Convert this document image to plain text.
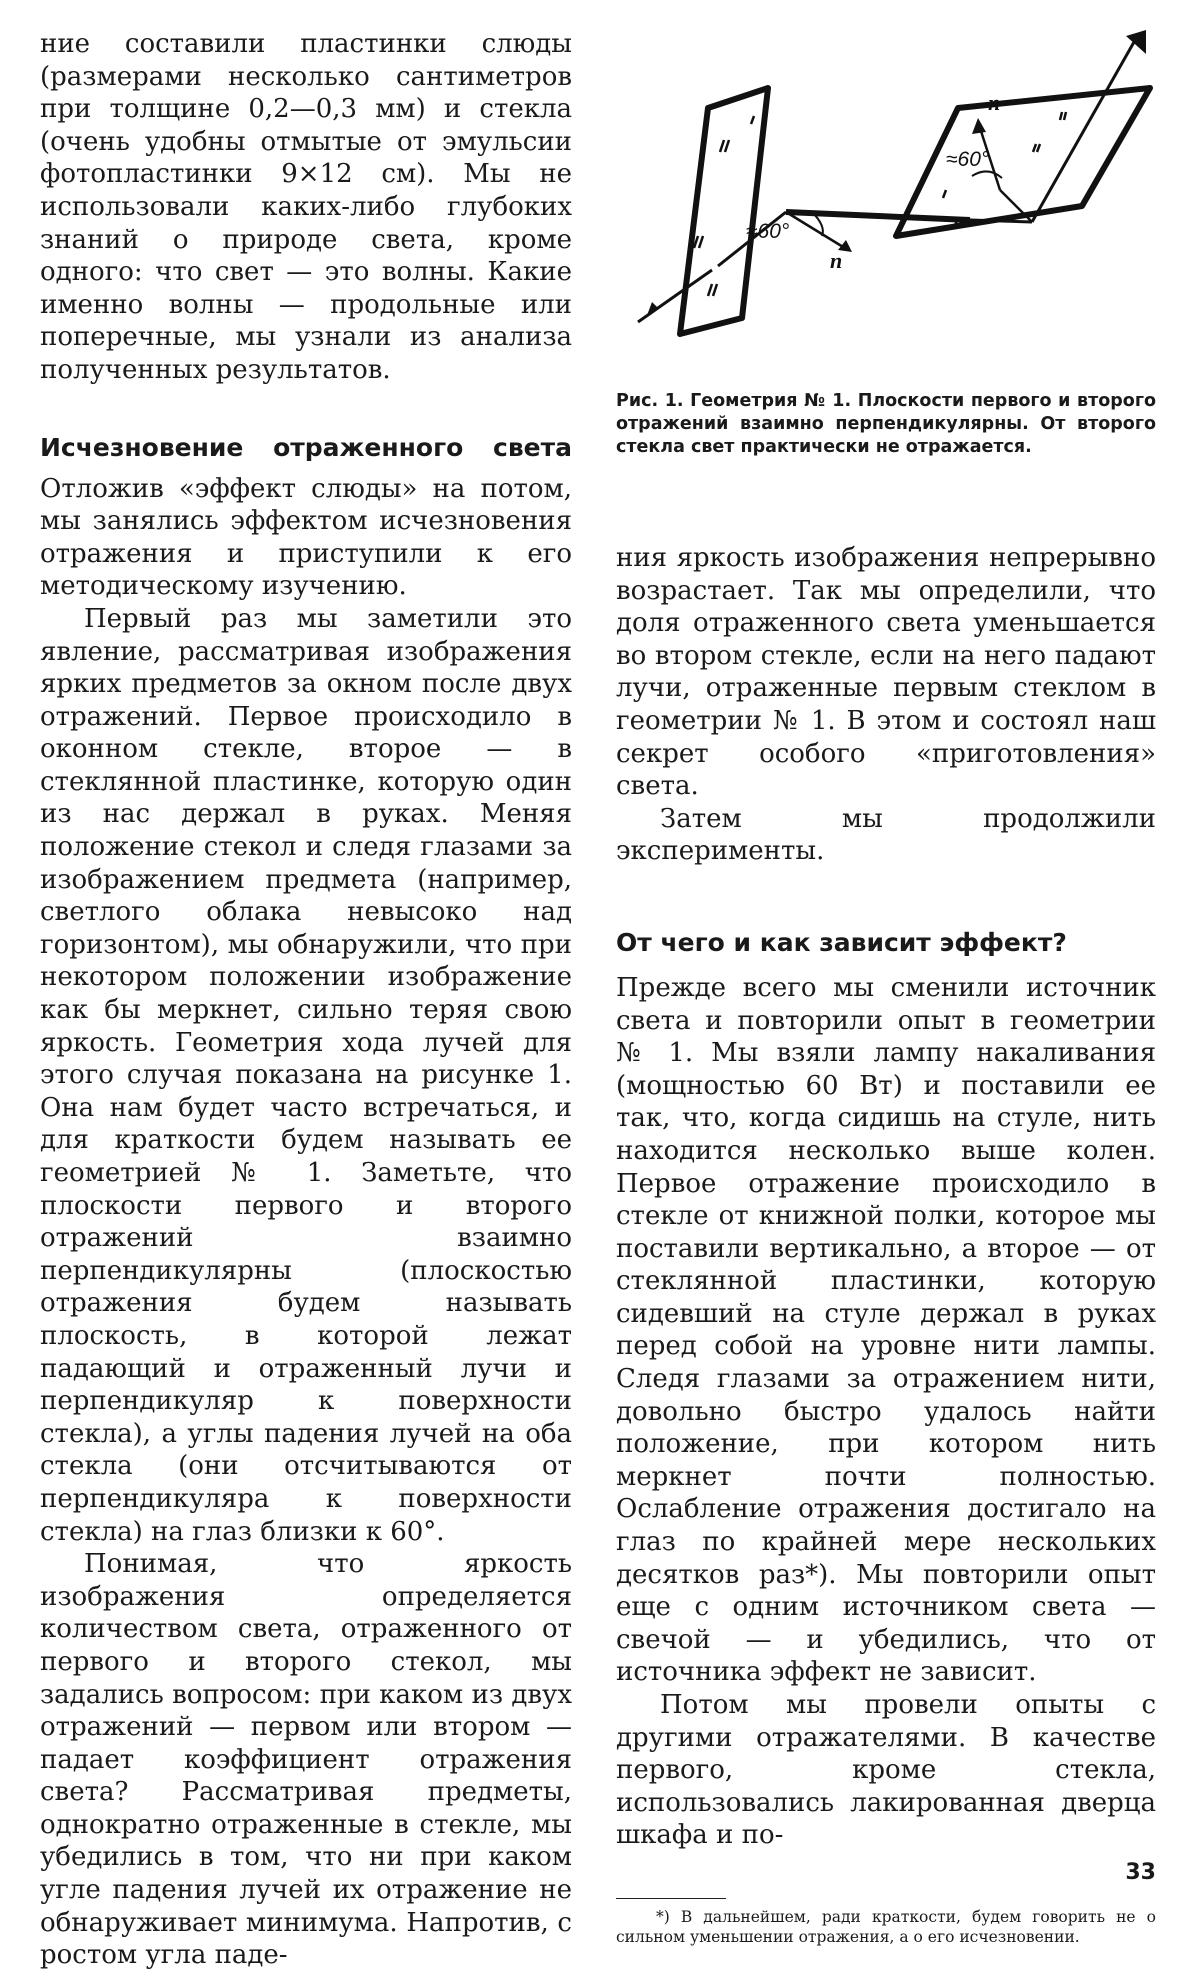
ние составили пластинки слюды (размерами несколько сантиметров при толщине 0,2—0,3 мм) и стекла (очень удобны отмытые от эмульсии фотопластинки 9×12 см). Мы не использовали каких-либо глубоких знаний о природе света, кроме одного: что свет — это волны. Какие именно волны — продольные или поперечные, мы узнали из анализа полученных результатов.

Исчезновение отраженного света

Отложив «эффект слюды» на потом, мы занялись эффектом исчезновения отражения и приступили к его методическому изучению.

Первый раз мы заметили это явление, рассматривая изображения ярких предметов за окном после двух отражений. Первое происходило в оконном стекле, второе — в стеклянной пластинке, которую один из нас держал в руках. Меняя положение стекол и следя глазами за изображением предмета (например, светлого облака невысоко над горизонтом), мы обнаружили, что при некотором положении изображение как бы меркнет, сильно теряя свою яркость. Геометрия хода лучей для этого случая показана на рисунке 1. Она нам будет часто встречаться, и для краткости будем называть ее геометрией № 1. Заметьте, что плоскости первого и второго отражений взаимно перпендикулярны (плоскостью отражения будем называть плоскость, в которой лежат падающий и отраженный лучи и перпендикуляр к поверхности стекла), а углы падения лучей на оба стекла (они отсчитываются от перпендикуляра к поверхности стекла) на глаз близки к 60°.

Понимая, что яркость изображения определяется количеством света, отраженного от первого и второго стекол, мы задались вопросом: при каком из двух отражений — первом или втором — падает коэффициент отражения света? Рассматривая предметы, однократно отраженные в стекле, мы убедились в том, что ни при каком угле падения лучей их отражение не обнаруживает минимума. Напротив, с ростом угла паде-

n
≈60°
n
≈60°

Рис. 1. Геометрия № 1. Плоскости первого и второго отражений взаимно перпендикулярны. От второго стекла свет практически не отражается.

ния яркость изображения непрерывно возрастает. Так мы определили, что доля отраженного света уменьшается во втором стекле, если на него падают лучи, отраженные первым стеклом в геометрии № 1. В этом и состоял наш секрет особого «приготовления» света.

Затем мы продолжили эксперименты.

От чего и как зависит эффект?

Прежде всего мы сменили источник света и повторили опыт в геометрии № 1. Мы взяли лампу накаливания (мощностью 60 Вт) и поставили ее так, что, когда сидишь на стуле, нить находится несколько выше колен. Первое отражение происходило в стекле от книжной полки, которое мы поставили вертикально, а второе — от стеклянной пластинки, которую сидевший на стуле держал в руках перед собой на уровне нити лампы. Следя глазами за отражением нити, довольно быстро удалось найти положение, при котором нить меркнет почти полностью. Ослабление отражения достигало на глаз по крайней мере нескольких десятков раз*). Мы повторили опыт еще с одним источником света — свечой — и убедились, что от источника эффект не зависит.

Потом мы провели опыты с другими отражателями. В качестве первого, кроме стекла, использовались лакированная дверца шкафа и по-

*) В дальнейшем, ради краткости, будем говорить не о сильном уменьшении отражения, а о его исчезновении.

33
